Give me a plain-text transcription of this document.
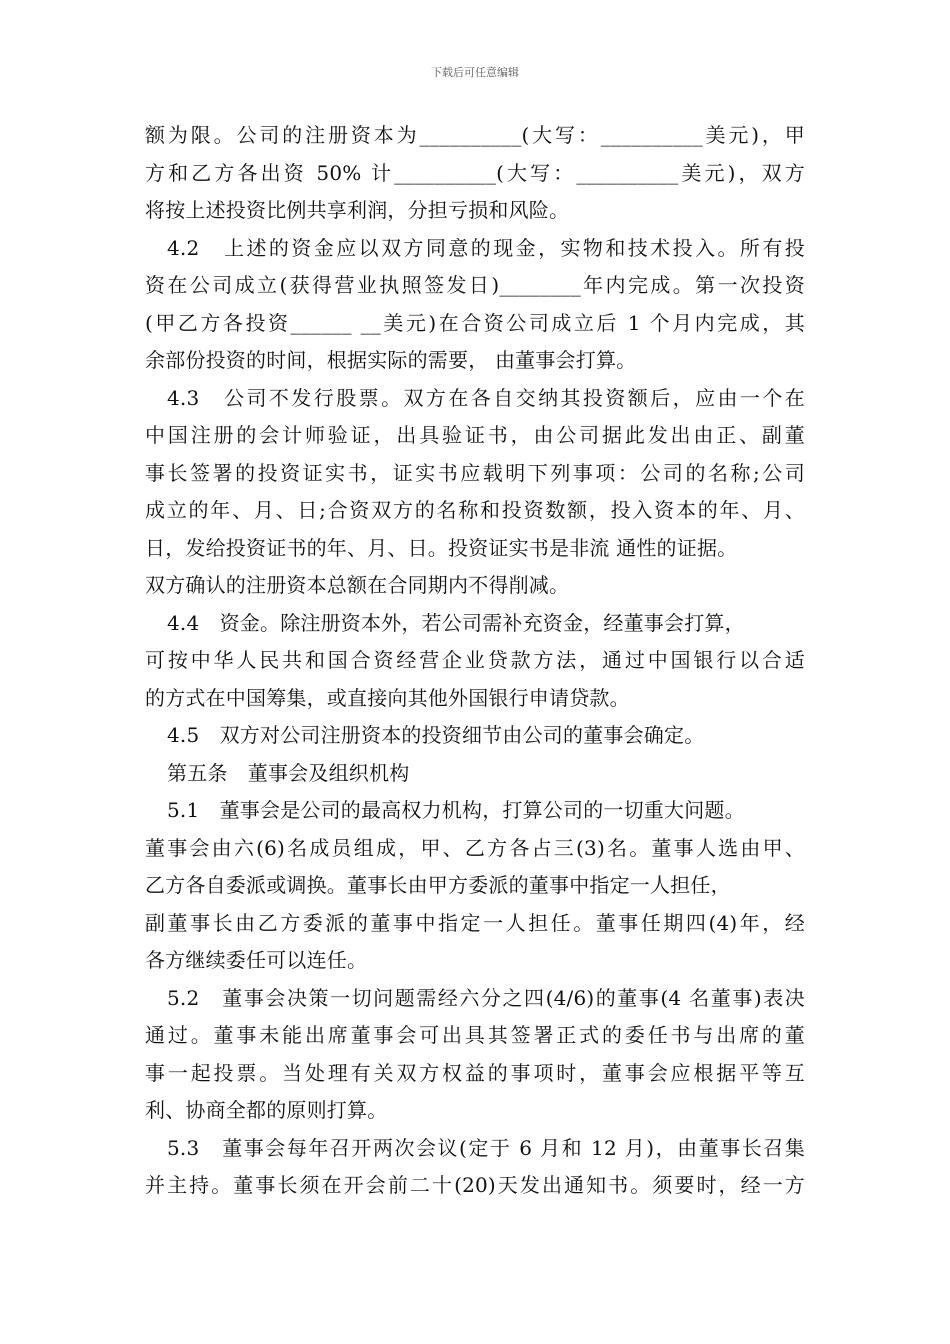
下载后可任意编辑
额为限。公司的注册资本为__________(大写：__________美元)，甲
方和乙方各出资 50% 计__________(大写：__________美元)，双方
将按上述投资比例共享利润，分担亏损和风险。
4.2　上述的资金应以双方同意的现金，实物和技术投入。所有投
资在公司成立(获得营业执照签发日)________年内完成。第一次投资
(甲乙方各投资______ __美元)在合资公司成立后 1 个月内完成，其
余部份投资的时间，根据实际的需要， 由董事会打算。
4.3　公司不发行股票。双方在各自交纳其投资额后，应由一个在
中国注册的会计师验证，出具验证书，由公司据此发出由正、副董
事长签署的投资证实书，证实书应载明下列事项：公司的名称;公司
成立的年、月、日;合资双方的名称和投资数额，投入资本的年、月、
日，发给投资证书的年、月、日。投资证实书是非流 通性的证据。
双方确认的注册资本总额在合同期内不得削减。
4.4　资金。除注册资本外，若公司需补充资金，经董事会打算，
可按中华人民共和国合资经营企业贷款方法，通过中国银行以合适
的方式在中国筹集，或直接向其他外国银行申请贷款。
4.5　双方对公司注册资本的投资细节由公司的董事会确定。
第五条　董事会及组织机构
5.1　董事会是公司的最高权力机构，打算公司的一切重大问题。
董事会由六(6)名成员组成，甲、乙方各占三(3)名。董事人选由甲、
乙方各自委派或调换。董事长由甲方委派的董事中指定一人担任，
副董事长由乙方委派的董事中指定一人担任。董事任期四(4)年，经
各方继续委任可以连任。
5.2　董事会决策一切问题需经六分之四(4/6)的董事(4 名董事)表决
通过。董事未能出席董事会可出具其签署正式的委任书与出席的董
事一起投票。当处理有关双方权益的事项时，董事会应根据平等互
利、协商全都的原则打算。
5.3　董事会每年召开两次会议(定于 6 月和 12 月)，由董事长召集
并主持。董事长须在开会前二十(20)天发出通知书。须要时，经一方
